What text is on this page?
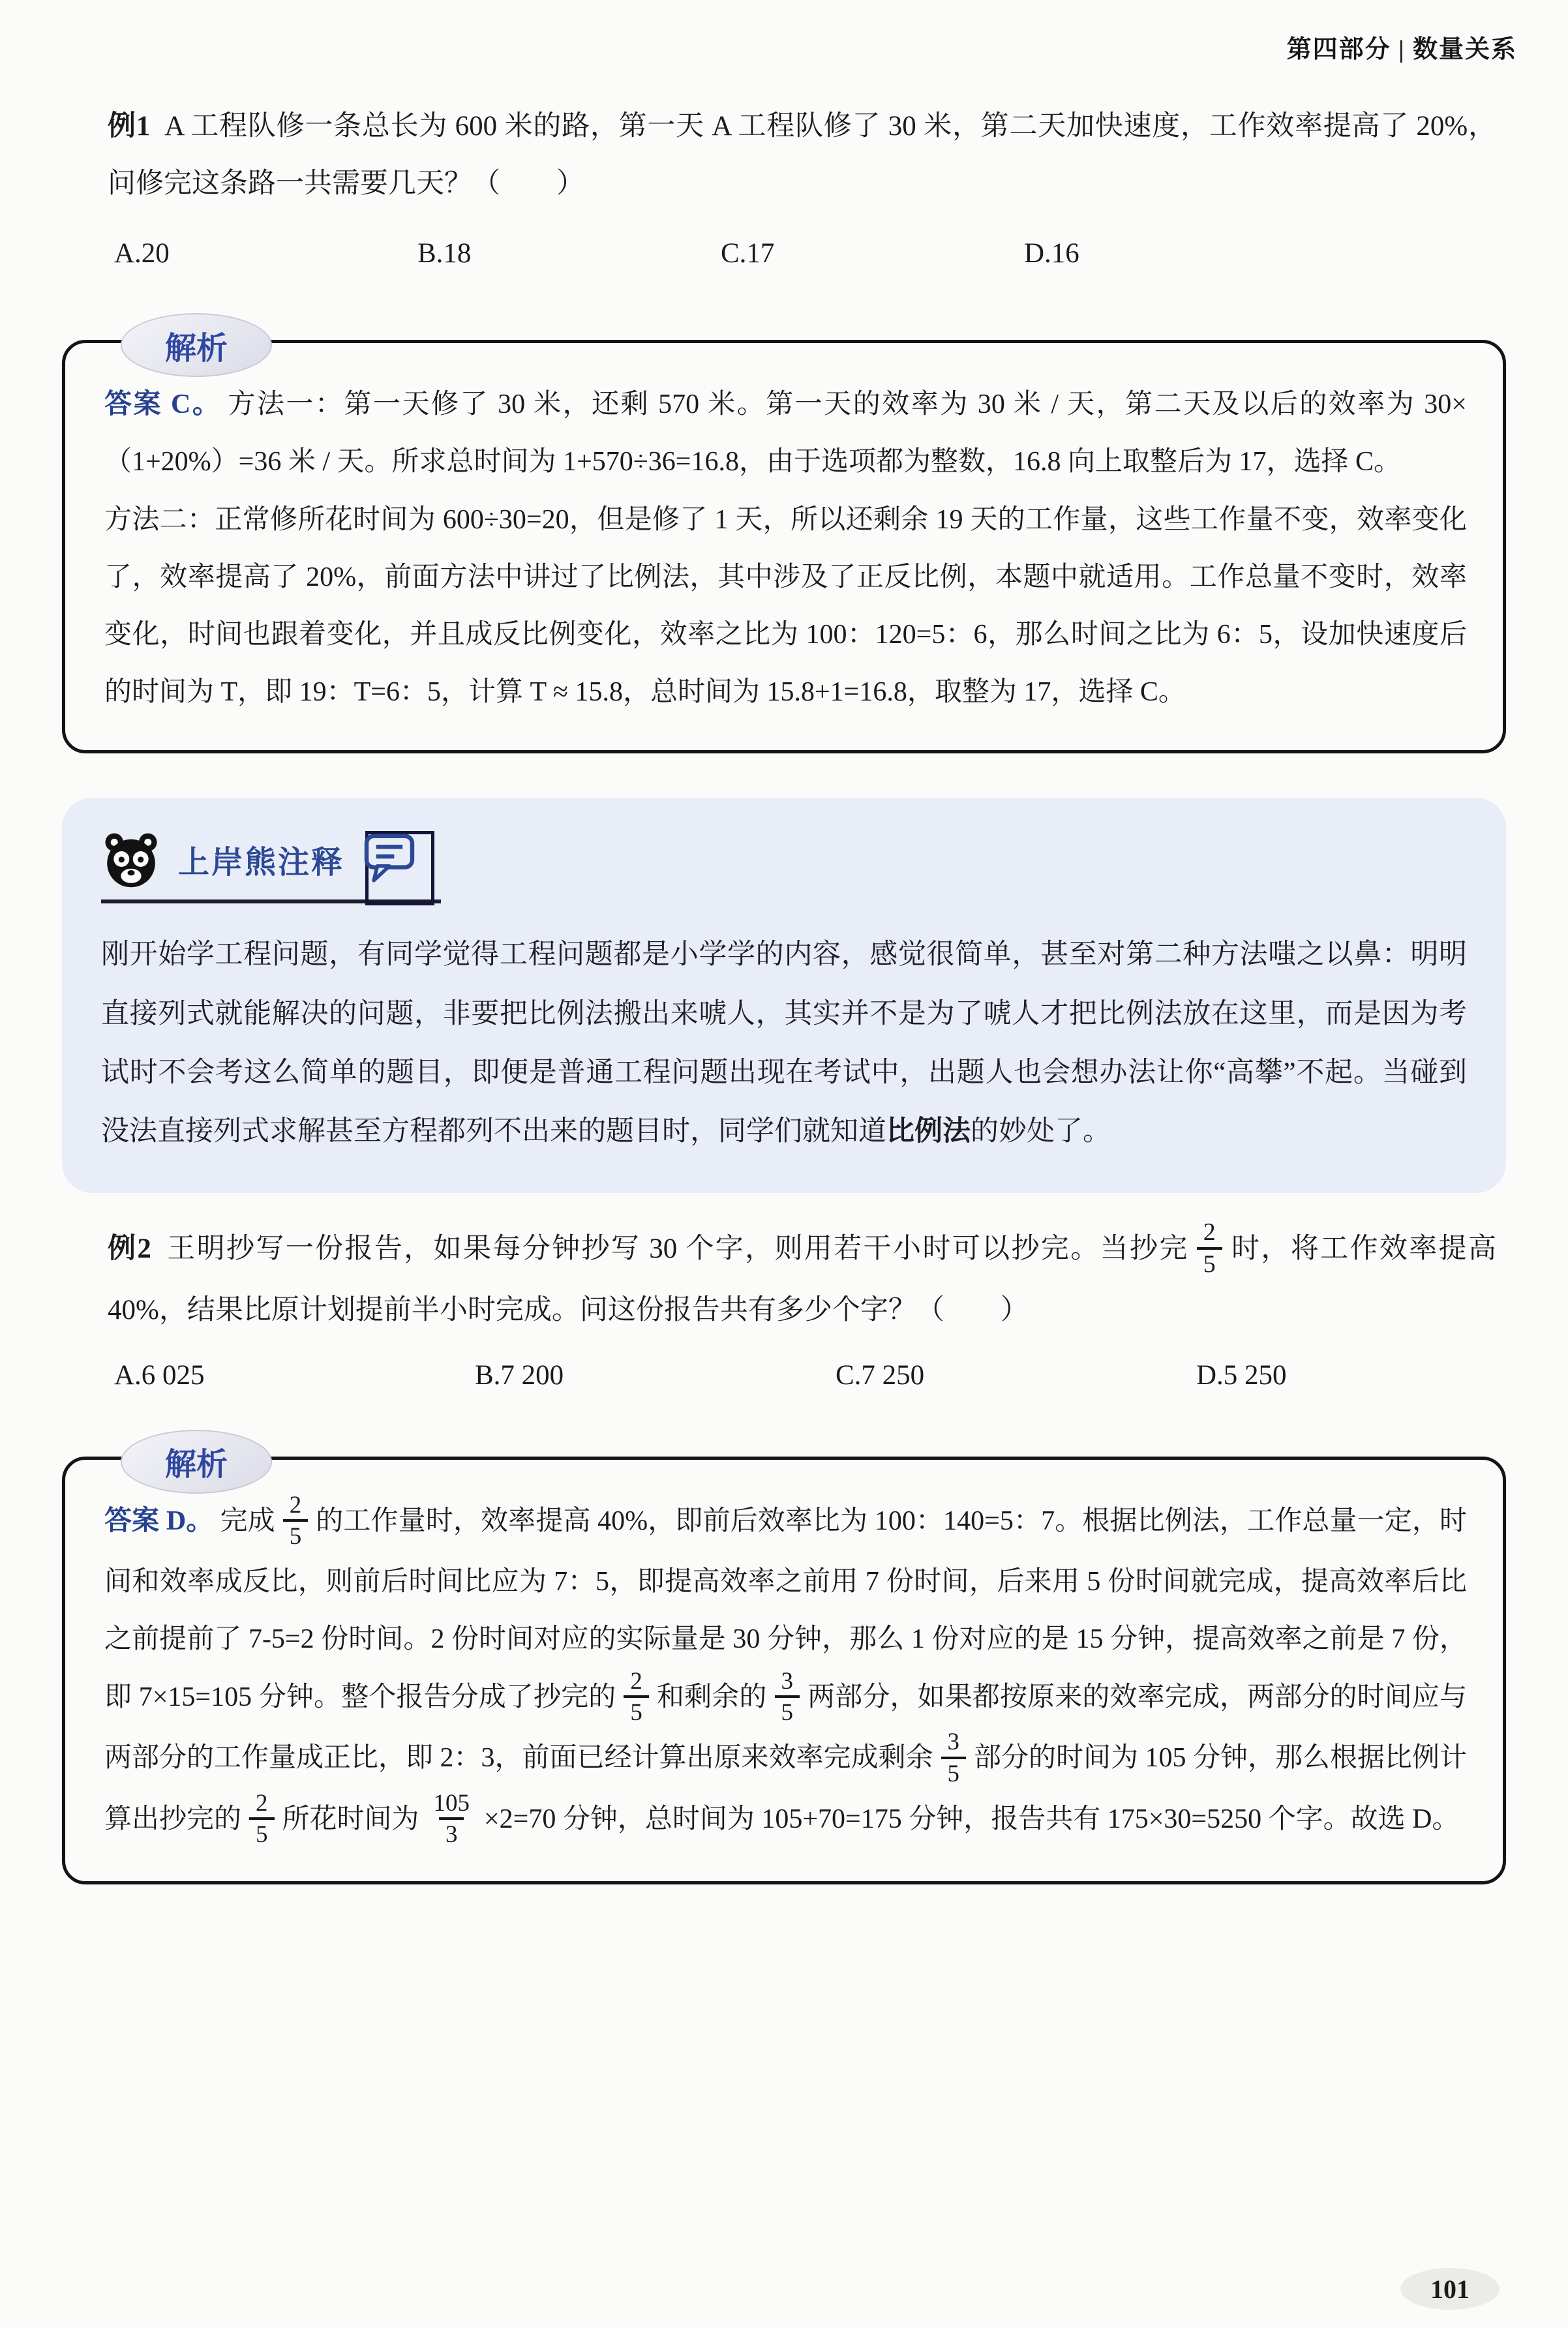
第四部分 | 数量关系

例1 A 工程队修一条总长为 600 米的路，第一天 A 工程队修了 30 米，第二天加快速度，工作效率提高了 20%，问修完这条路一共需要几天？（　　）

A.20	B.18	C.17	D.16
解析

答案 C。 方法一：第一天修了 30 米，还剩 570 米。第一天的效率为 30 米 / 天，第二天及以后的效率为 30×（1+20%）=36 米 / 天。所求总时间为 1+570÷36=16.8，由于选项都为整数，16.8 向上取整后为 17，选择 C。

方法二：正常修所花时间为 600÷30=20，但是修了 1 天，所以还剩余 19 天的工作量，这些工作量不变，效率变化了，效率提高了 20%，前面方法中讲过了比例法，其中涉及了正反比例，本题中就适用。工作总量不变时，效率变化，时间也跟着变化，并且成反比例变化，效率之比为 100：120=5：6，那么时间之比为 6：5，设加快速度后的时间为 T，即 19：T=6：5，计算 T ≈ 15.8，总时间为 15.8+1=16.8，取整为 17，选择 C。

上岸熊注释

刚开始学工程问题，有同学觉得工程问题都是小学学的内容，感觉很简单，甚至对第二种方法嗤之以鼻：明明直接列式就能解决的问题，非要把比例法搬出来唬人，其实并不是为了唬人才把比例法放在这里，而是因为考试时不会考这么简单的题目，即便是普通工程问题出现在考试中，出题人也会想办法让你“高攀”不起。当碰到没法直接列式求解甚至方程都列不出来的题目时，同学们就知道比例法的妙处了。

例2 王明抄写一份报告，如果每分钟抄写 30 个字，则用若干小时可以抄完。当抄完 $\frac{2}{5}$ 时，将工作效率提高 40%，结果比原计划提前半小时完成。问这份报告共有多少个字？（　　）

A.6 025	B.7 200	C.7 250	D.5 250
解析

答案 D。 完成 $\frac{2}{5}$ 的工作量时，效率提高 40%，即前后效率比为 100：140=5：7。根据比例法，工作总量一定，时间和效率成反比，则前后时间比应为 7：5，即提高效率之前用 7 份时间，后来用 5 份时间就完成，提高效率后比之前提前了 7-5=2 份时间。2 份时间对应的实际量是 30 分钟，那么 1 份对应的是 15 分钟，提高效率之前是 7 份，即 7×15=105 分钟。整个报告分成了抄完的 $\frac{2}{5}$ 和剩余的 $\frac{3}{5}$ 两部分，如果都按原来的效率完成，两部分的时间应与两部分的工作量成正比，即 2：3，前面已经计算出原来效率完成剩余 $\frac{3}{5}$ 部分的时间为 105 分钟，那么根据比例计算出抄完的 $\frac{2}{5}$ 所花时间为 $\frac{105}{3} \times 2=70$ 分钟，总时间为 105+70=175 分钟，报告共有 175×30=5250 个字。故选 D。

101
